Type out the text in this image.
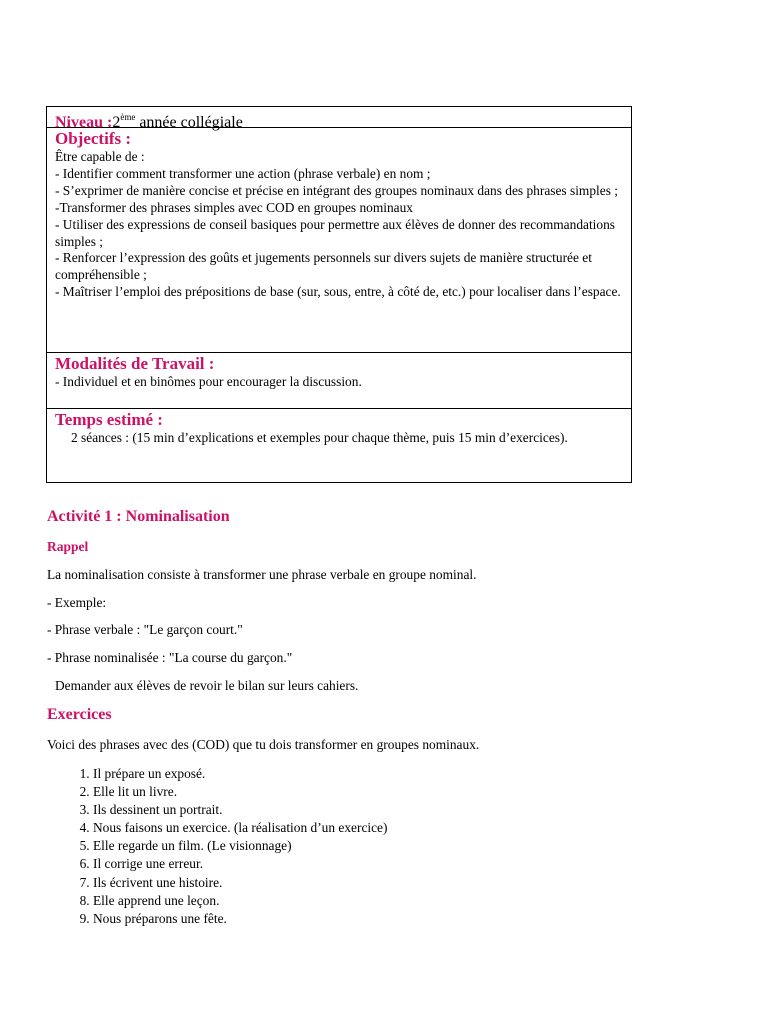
Niveau :2ème année collégiale
Objectifs :
Être capable de :
- Identifier comment transformer une action (phrase verbale) en nom ;
- S’exprimer de manière concise et précise en intégrant des groupes nominaux dans des phrases simples ;
-Transformer des phrases simples avec COD en groupes nominaux
- Utiliser des expressions de conseil basiques pour permettre aux élèves de donner des recommandations simples ;
- Renforcer l’expression des goûts et jugements personnels sur divers sujets de manière structurée et compréhensible ;
- Maîtriser l’emploi des prépositions de base (sur, sous, entre, à côté de, etc.) pour localiser dans l’espace.
Modalités de Travail :
- Individuel et en binômes pour encourager la discussion.
Temps estimé :
2 séances : (15 min d’explications et exemples pour chaque thème, puis 15 min d’exercices).
Activité 1 : Nominalisation
Rappel
La nominalisation consiste à transformer une phrase verbale en groupe nominal.
- Exemple:
- Phrase verbale : "Le garçon court."
- Phrase nominalisée : "La course du garçon."
Demander aux élèves de revoir le bilan sur leurs cahiers.
Exercices
Voici des phrases avec des (COD) que tu dois transformer en groupes nominaux.
1. Il prépare un exposé.
2. Elle lit un livre.
3. Ils dessinent un portrait.
4. Nous faisons un exercice. (la réalisation d’un exercice)
5. Elle regarde un film. (Le visionnage)
6. Il corrige une erreur.
7. Ils écrivent une histoire.
8. Elle apprend une leçon.
9. Nous préparons une fête.
